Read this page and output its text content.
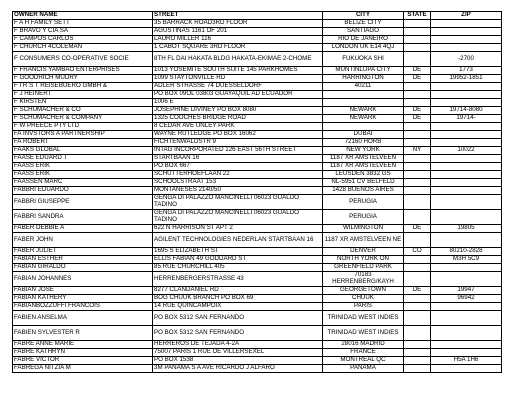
OWNER NAME	STREET	CITY	STATE	ZIP
F A H FAMILY SETT	35 BARRACK ROAD3RD FLOOR	BELIZE CITY		
F BRAVO Y CIA SA	AGUSTINAS 1161 OF 201	SANTIAGO		
F CAMPOS CARLOS	LAURO MILLER 116	RIO DE JANEIRO		
F CHURCH 4COLEMAN	1 CABOT SQUARE 3RD FLOOR	LONDON UK E14 4QJ		
F CONSUMERS CO-OPERATIVE SOCIE	8TH FL DAI HAKATA BLDG HAKATA-EKIMAE 2-CHOME	FUKUOKA SHI		-2700
F FRANCIS YAMBAO ENTERPRISES	1013 YOSEMITE SOUTH SUITE 145 PARKHOMES	MUNTINLUPA CITY	DE	1773
F GOODRICH MUDRY	1099 STAYTONVILLE RD	HARRINGTON	DE	19952-1851
F I R S T REISEBUERO GMBH &	ADLER STRASSE 74 DUESSELDORF	40211		
F J HEINERT	PO BOX 09OL 03803 GUAYAQUIL AD ECUADOR			
F KIRSTEN	1006 E			
F SCHUMACHER & CO	JOSEPHINE DIVINEY PO BOX 8080	NEWARK	DE	19714-8080
F SCHUMACHER & COMPANY	1325 COOCHES BRIDGE ROAD	NEWARK	DE	19714-
F W PREECE PTY LTD	8 CEDAR AVE UNLEY PARK			
FA INVSTORS A PARTNERSHIP	WAYNE RUTLEDGE PO BOX 16062	DUBAI		
FA ROBERT	FICHTENWALDSTR 9	72160 HORB		
FAAKS GLOBAL	INTAG INCORPORATED 126 EAST 56TH STREET	NEW YORK	NY	10022
FAASE EDUARD T	STARTBAAN 16	1187 XR AMSTELVEEN		
FAASS ERIK	PO BOX 667	1187 XR AMSTELVEEN		
FAASS ERIK	SCHUTTERHOEFLAAN 22	LEUSDEN 3832 GS		
FAASSEN MARC	SCHOOLSTRAAT 153	NL-5951 CV BELFELD		
FABBRI EDUARDO	MONTANESES 2140/50	1428 BUENOS AIRES		
FABBRI GIUSEPPE	GENGA DI PALAZZO MANCINELLI 06023 GUALDO TADINO	PERUGIA		
FABBRI SANDRA	GENGA DI PALAZZO MANCINELLI 06023 GUALDO TADINO	PERUGIA		
FABER DEBBIE A	622 N HARRISON ST APT 2	WILMINGTON	DE	19805
FABER JOHN	AGILENT TECHNOLOGIES NEDERLAN STARTBAAN 16	1187 XR AMSTELVEEN NE		
FABER JULIET	1695 S ELIZABETH ST	DENVER	CO	80210-2828
FABIAN ESTHER	ELLIS FABIAN 49 GODDARD ST	NORTH YORK ON		M3H 5C9
FABIAN GIRALDO	85 RUE CHURCHILL 405	GREENFIELD PARK		
FABIAN JOHANNES	HERRENBERGERSTRASSE 43	70183 HERRENBERG/KAYH		
FABIAN JOSE	8277 CLANDANIEL RD	GEORGETOWN	DE	19947
FABIAN KATHERY	BOG CHUUK BRANCH PO BOX 69	CHUUK		96942
FABIANBOZZUFFI FRANCOIS	14 RUE QUINCAMPOIX	PARIS		
FABIEN ANSELMA	PO BOX 5312 SAN FERNANDO	TRINIDAD WEST INDIES		
FABIEN SYLVESTER R	PO BOX 5312 SAN FERNANDO	TRINIDAD WEST INDIES		
FABRE ANNE MARIE	HERREROS DE TEJADA 4-2A	28016 MADRID		
FABRE KATHRYN	75007 PARIS 1 RUE DE VILLERSEXEL	FRANCE		
FABRE VICTOR	PO BOX 1538	MONTREAL QC		H5A 1H6
FABREGA NITZIA M	3M PANAMA S A AVE RICARDO J ALFARO	PANAMA		
